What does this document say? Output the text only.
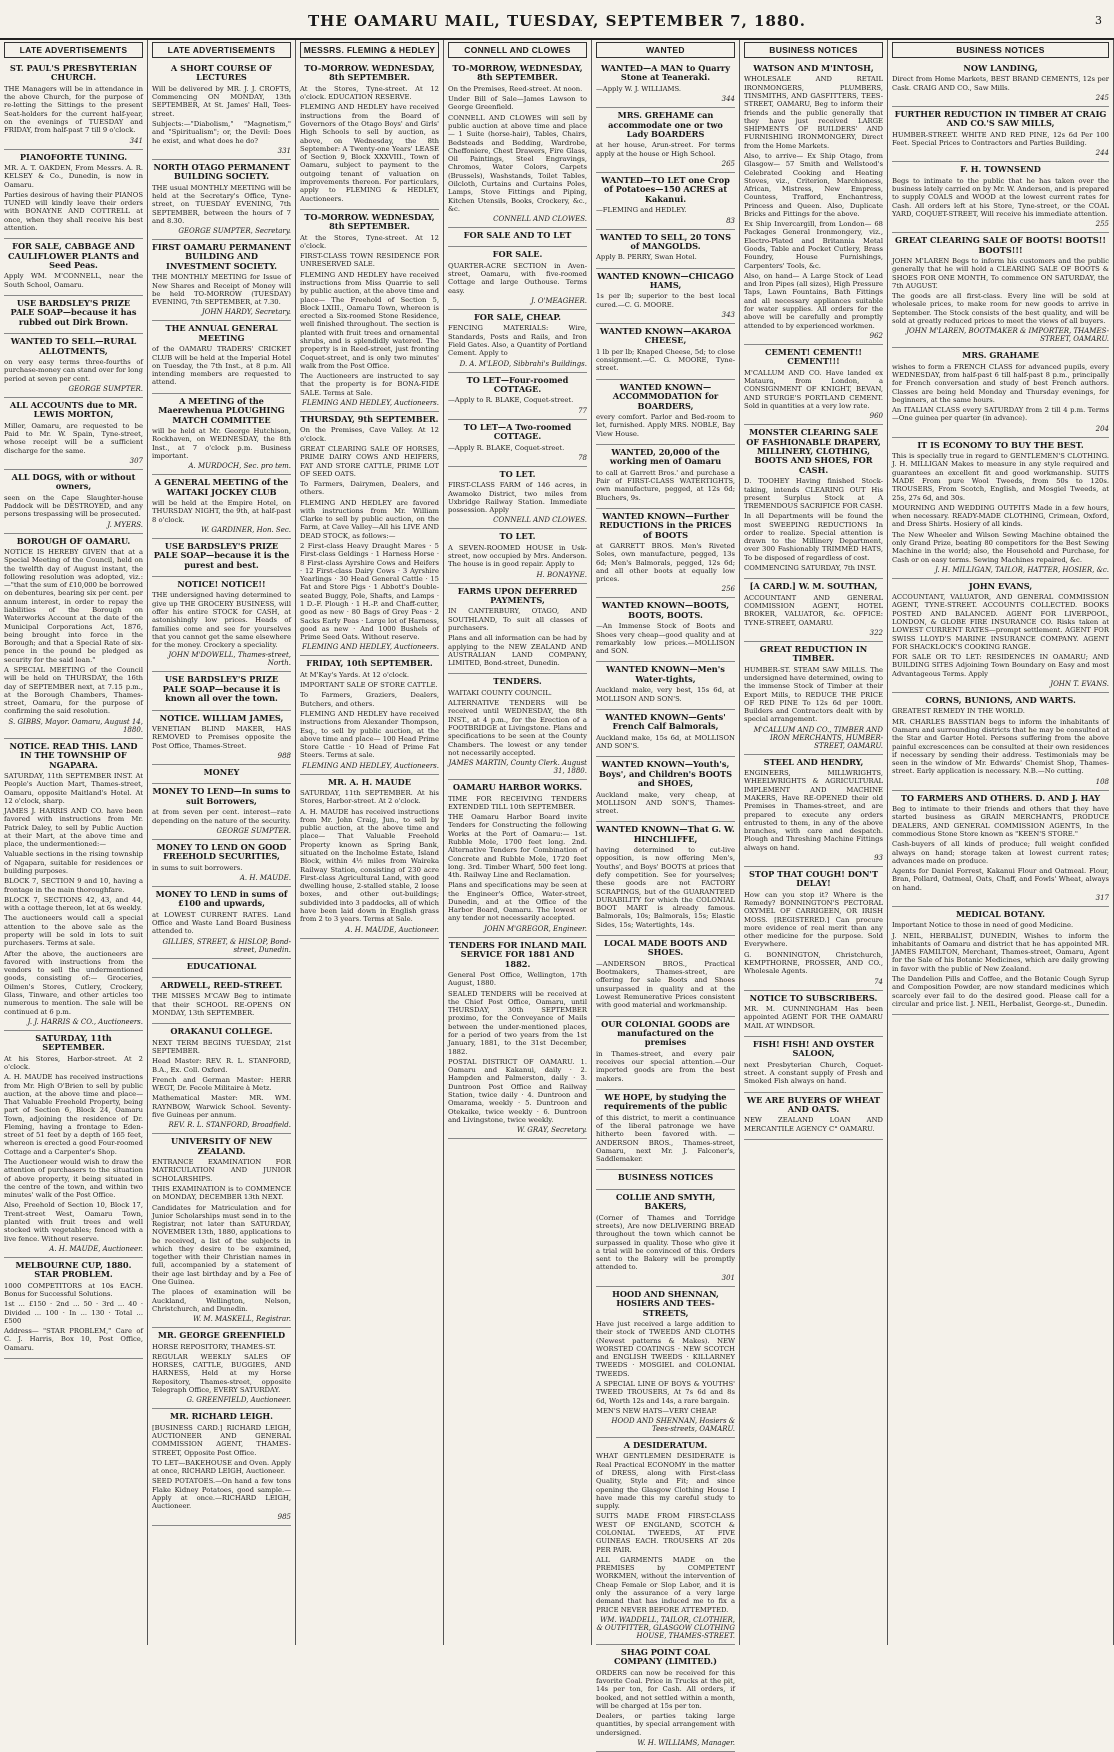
THE OAMARU MAIL, TUESDAY, SEPTEMBER 7, 1880.	3
LATE ADVERTISEMENTS
ST. PAUL'S PRESBYTERIAN CHURCH.

THE Managers will be in attendance in the above Church, for the purpose of re-letting the Sittings to the present Seat-holders for the current half-year, on the evenings of TUESDAY and FRIDAY, from half-past 7 till 9 o'clock.

341
PIANOFORTE TUNING.

MR. A. T. OAKDEN, From Messrs. A. R. KELSEY & Co., Dunedin, is now in Oamaru.

Parties desirous of having their PIANOS TUNED will kindly leave their orders with BONAYNE AND COTTRELL at once, when they shall receive his best attention.

FOR SALE, CABBAGE AND CAULIFLOWER PLANTS and Seed Peas.

Apply WM. M'CONNELL, near the South School, Oamaru.

USE BARDSLEY'S PRIZE PALE SOAP—because it has rubbed out Dirk Brown.
WANTED TO SELL—RURAL ALLOTMENTS,

on very easy terms three-fourths of purchase-money can stand over for long period at seven per cent.

GEORGE SUMPTER.
ALL ACCOUNTS due to MR. LEWIS MORTON,

Miller, Oamaru, are requested to be Paid to Mr. W. Spain, Tyne-street, whose receipt will be a sufficient discharge for the same.

307
ALL DOGS, with or without owners,

seen on the Cape Slaughter-house Paddock will be DESTROYED, and any persons trespassing will be prosecuted.

J. MYERS.
BOROUGH OF OAMARU.

NOTICE IS HEREBY GIVEN that at a Special Meeting of the Council, held on the twelfth day of August instant, the following resolution was adopted, viz.:—"that the sum of £10,000 be borrowed on debentures, bearing six per cent. per annum interest, in order to repay the liabilities of the Borough on Waterworks Account at the date of the Municipal Corporations Act, 1876, being brought into force in the Borough; and that a Special Rate of six-pence in the pound be pledged as security for the said loan."

A SPECIAL MEETING of the Council will be held on THURSDAY, the 16th day of SEPTEMBER next, at 7.15 p.m., at the Borough Chambers, Thames-street, Oamaru, for the purpose of confirming the said resolution.

S. GIBBS, Mayor. Oamaru, August 14, 1880.
NOTICE. READ THIS. LAND IN THE TOWNSHIP OF NGAPARA.

SATURDAY, 11th SEPTEMBER INST. At People's Auction Mart, Thames-street, Oamaru, opposite Maitland's Hotel. At 12 o'clock, sharp.

JAMES J. HARRIS AND CO. have been favored with instructions from Mr. Patrick Daley, to sell by Public Auction at their Mart, at the above time and place, the undermentioned:—

Valuable sections in the rising township of Ngapara, suitable for residences or building purposes.

BLOCK 7, SECTION 9 and 10, having a frontage in the main thoroughfare.

BLOCK 7, SECTIONS 42, 43, and 44, with a cottage thereon, let at 6s weekly.

The auctioneers would call a special attention to the above sale as the property will be sold in lots to suit purchasers. Terms at sale.

After the above, the auctioneers are favored with instructions from the vendors to sell the undermentioned goods, consisting of:— Groceries, Oilmen's Stores, Cutlery, Crockery, Glass, Tinware, and other articles too numerous to mention. The sale will be continued at 6 p.m.

J. J. HARRIS & CO., Auctioneers.
SATURDAY, 11th SEPTEMBER.

At his Stores, Harbor-street. At 2 o'clock.

A. H. MAUDE has received instructions from Mr. High O'Brien to sell by public auction, at the above time and place— That Valuable Freehold Property, being part of Section 6, Block 24, Oamaru Town, adjoining the residence of Dr. Fleming, having a frontage to Eden-street of 51 feet by a depth of 165 feet, whereon is erected a good Four-roomed Cottage and a Carpenter's Shop.

The Auctioneer would wish to draw the attention of purchasers to the situation of above property, it being situated in the centre of the town, and within two minutes' walk of the Post Office.

Also, Freehold of Section 10, Block 17, Trent-street West, Oamaru Town, planted with fruit trees and well stocked with vegetables; fenced with a live fence. Without reserve.

A. H. MAUDE, Auctioneer.
MELBOURNE CUP, 1880. STAR PROBLEM.

1000 COMPETITORS at 10s EACH. Bonus for Successful Solutions.

1st ... £150 · 2nd ... 50 · 3rd ... 40 · Divided ... 100 · In ... 130 · Total ... £500

Address— "STAR PROBLEM," Care of C. J. Harris, Box 10, Post Office, Oamaru.

LATE ADVERTISEMENTS
A SHORT COURSE OF LECTURES

Will be delivered by MR. J. J. CROFTS, Commencing ON MONDAY, 13th SEPTEMBER, At St. James' Hall, Tees-street.

Subjects:—"Diabolism," "Magnetism," and "Spiritualism"; or, the Devil: Does he exist, and what does he do?

331
NORTH OTAGO PERMANENT BUILDING SOCIETY.

THE usual MONTHLY MEETING will be held at the Secretary's Office, Tyne-street, on TUESDAY EVENING, 7th SEPTEMBER, between the hours of 7 and 8.30.

GEORGE SUMPTER, Secretary.
FIRST OAMARU PERMANENT BUILDING AND INVESTMENT SOCIETY.

THE MONTHLY MEETING for Issue of New Shares and Receipt of Money will be held TO-MORROW (TUESDAY) EVENING, 7th SEPTEMBER, at 7.30.

JOHN HARDY, Secretary.
THE ANNUAL GENERAL MEETING

of the OAMARU TRADERS' CRICKET CLUB will be held at the Imperial Hotel on Tuesday, the 7th Inst., at 8 p.m. All intending members are requested to attend.

A MEETING of the Maerewhenua PLOUGHING MATCH COMMITTEE

will be held at Mr. George Hutchison, Rockhaven, on WEDNESDAY, the 8th Inst., at 7 o'clock p.m. Business important.

A. MURDOCH, Sec. pro tem.
A GENERAL MEETING of the WAITAKI JOCKEY CLUB

will be held at the Empire Hotel, on THURSDAY NIGHT, the 9th, at half-past 8 o'clock.

W. GARDINER, Hon. Sec.
USE BARDSLEY'S PRIZE PALE SOAP—because it is the purest and best.
NOTICE! NOTICE!!

THE undersigned having determined to give up THE GROCERY BUSINESS, will offer his entire STOCK for CASH, at astonishingly low prices. Heads of families come and see for yourselves that you cannot get the same elsewhere for the money. Crockery a speciality.

JOHN M'DOWELL, Thames-street, North.
USE BARDSLEY'S PRIZE PALE SOAP—because it is known all over the town.
NOTICE. WILLIAM JAMES,

VENETIAN BLIND MAKER, HAS REMOVED to Premises opposite the Post Office, Thames-Street.

988
MONEY
MONEY TO LEND—In sums to suit Borrowers,

at from seven per cent. interest—rate depending on the nature of the security.

GEORGE SUMPTER.
MONEY TO LEND ON GOOD FREEHOLD SECURITIES,

in sums to suit borrowers.

A. H. MAUDE.
MONEY TO LEND in sums of £100 and upwards,

at LOWEST CURRENT RATES. Land Office and Waste Land Board Business attended to.

GILLIES, STREET, & HISLOP, Bond-street, Dunedin.
EDUCATIONAL
ARDWELL, REED-STREET.

THE MISSES M'CAW Beg to intimate that their SCHOOL RE-OPENS ON MONDAY, 13th SEPTEMBER.

ORAKANUI COLLEGE.

NEXT TERM BEGINS TUESDAY, 21st SEPTEMBER.

Head Master: REV. R. L. STANFORD, B.A., Ex. Coll. Oxford.

French and German Master: HERR WEGT, Dr. Fecole Militaire à Metz.

Mathematical Master: MR. WM. RAYNBOW, Warwick School. Seventy-five Guineas per annum.

REV. R. L. STANFORD, Broadfield.
UNIVERSITY OF NEW ZEALAND.

ENTRANCE EXAMINATION FOR MATRICULATION AND JUNIOR SCHOLARSHIPS.

THIS EXAMINATION is to COMMENCE on MONDAY, DECEMBER 13th NEXT.

Candidates for Matriculation and for Junior Scholarships must send in to the Registrar, not later than SATURDAY, NOVEMBER 13th, 1880, applications to be received, a list of the subjects in which they desire to be examined, together with their Christian names in full, accompanied by a statement of their age last birthday and by a Fee of One Guinea.

The places of examination will be Auckland, Wellington, Nelson, Christchurch, and Dunedin.

W. M. MASKELL, Registrar.
MR. GEORGE GREENFIELD

HORSE REPOSITORY, THAMES-ST.

REGULAR WEEKLY SALES OF HORSES, CATTLE, BUGGIES, AND HARNESS, Held at my Horse Repository, Thames-street, opposite Telegraph Office, EVERY SATURDAY.

G. GREENFIELD, Auctioneer.
MR. RICHARD LEIGH.

[BUSINESS CARD.] RICHARD LEIGH, AUCTIONEER AND GENERAL COMMISSION AGENT, THAMES-STREET, Opposite Post Office.

TO LET—BAKEHOUSE and Oven. Apply at once, RICHARD LEIGH, Auctioneer.

SEED POTATOES.—On hand a few tons Flake Kidney Potatoes, good sample.—Apply at once.—RICHARD LEIGH, Auctioneer.

985
MESSRS. FLEMING & HEDLEY
TO-MORROW. WEDNESDAY, 8th SEPTEMBER.

At the Stores, Tyne-street. At 12 o'clock. EDUCATION RESERVE.

FLEMING AND HEDLEY have received instructions from the Board of Governors of the Otago Boys' and Girls' High Schools to sell by auction, as above, on Wednesday, the 8th September: A Twenty-one Years' LEASE of Section 9, Block XXXVIII., Town of Oamaru, subject to payment to the outgoing tenant of valuation on improvements thereon. For particulars, apply to FLEMING & HEDLEY, Auctioneers.

TO-MORROW. WEDNESDAY, 8th SEPTEMBER.

At the Stores, Tyne-street. At 12 o'clock.

FIRST-CLASS TOWN RESIDENCE FOR UNRESERVED SALE.

FLEMING AND HEDLEY have received instructions from Miss Quarrie to sell by public auction, at the above time and place— The Freehold of Section 5, Block LXIII., Oamaru Town, whereon is erected a Six-roomed Stone Residence, well finished throughout. The section is planted with fruit trees and ornamental shrubs, and is splendidly watered. The property is in Reed-street, just fronting Coquet-street, and is only two minutes' walk from the Post Office.

The Auctioneers are instructed to say that the property is for BONA-FIDE SALE. Terms at Sale.

FLEMING AND HEDLEY, Auctioneers.
THURSDAY, 9th SEPTEMBER.

On the Premises, Cave Valley. At 12 o'clock.

GREAT CLEARING SALE OF HORSES, PRIME DAIRY COWS AND HEIFERS, FAT AND STORE CATTLE, PRIME LOT OF SEED OATS.

To Farmers, Dairymen, Dealers, and others.

FLEMING AND HEDLEY are favored with instructions from Mr. William Clarke to sell by public auction, on the Farm, at Cave Valley—All his LIVE AND DEAD STOCK, as follows:—

2 First-class Heavy Draught Mares · 5 First-class Geldings · 1 Harness Horse · 8 First-class Ayrshire Cows and Heifers · 12 First-class Dairy Cows · 3 Ayrshire Yearlings · 30 Head General Cattle · 15 Fat and Store Pigs · 1 Abbott's Double-seated Buggy, Pole, Shafts, and Lamps · 1 D.-F. Plough · 1 H.-P. and Chaff-cutter, good as new · 80 Bags of Grey Peas · 2 Sacks Early Peas · Large lot of Harness, good as new · And 1000 Bushels of Prime Seed Oats. Without reserve.

FLEMING AND HEDLEY, Auctioneers.
FRIDAY, 10th SEPTEMBER.

At M'Kay's Yards. At 12 o'clock.

IMPORTANT SALE OF STORE CATTLE.

To Farmers, Graziers, Dealers, Butchers, and others.

FLEMING AND HEDLEY have received instructions from Alexander Thompson, Esq., to sell by public auction, at the above time and place— 100 Head Prime Store Cattle · 10 Head of Prime Fat Steers. Terms at sale.

FLEMING AND HEDLEY, Auctioneers.
MR. A. H. MAUDE

SATURDAY, 11th SEPTEMBER. At his Stores, Harbor-street. At 2 o'clock.

A. H. MAUDE has received instructions from Mr. John Craig, Jun., to sell by public auction, at the above time and place— That Valuable Freehold Property known as Spring Bank, situated on the Incholme Estate, Island Block, within 4½ miles from Waireka Railway Station, consisting of 230 acre First-class Agricultural Land, with good dwelling house, 2-stalled stable, 2 loose boxes, and other out-buildings; subdivided into 3 paddocks, all of which have been laid down in English grass from 2 to 3 years. Terms at Sale.

A. H. MAUDE, Auctioneer.
CONNELL AND CLOWES
TO-MORROW, WEDNESDAY, 8th SEPTEMBER.

On the Premises, Reed-street. At noon.

Under Bill of Sale—James Lawson to George Greenfield.

CONNELL AND CLOWES will sell by public auction at above time and place— 1 Suite (horse-hair), Tables, Chairs, Bedsteads and Bedding, Wardrobe, Cheffoniere, Chest Drawers, Fire Glass, Oil Paintings, Steel Engravings, Chromos, Water Colors, Carpets (Brussels), Washstands, Toilet Tables, Oilcloth, Curtains and Curtains Poles, Lamps, Stove Fittings and Piping, Kitchen Utensils, Books, Crockery, &c., &c.

CONNELL AND CLOWES.
FOR SALE AND TO LET
FOR SALE.

QUARTER-ACRE SECTION in Aven-street, Oamaru, with five-roomed Cottage and large Outhouse. Terms easy.

J. O'MEAGHER.
FOR SALE, CHEAP.

FENCING MATERIALS: Wire, Standards, Posts and Rails, and Iron Field Gates. Also, a Quantity of Portland Cement. Apply to

D. A. M'LEOD, Sibbrahi's Buildings.
TO LET—Four-roomed COTTAGE.

—Apply to R. BLAKE, Coquet-street.

77
TO LET—A Two-roomed COTTAGE.

—Apply R. BLAKE, Coquet-street.

78
TO LET.

FIRST-CLASS FARM of 146 acres, in Awamoko District, two miles from Uxbridge Railway Station. Immediate possession. Apply

CONNELL AND CLOWES.
TO LET.

A SEVEN-ROOMED HOUSE in Usk-street, now occupied by Mrs. Anderson. The house is in good repair. Apply to

H. BONAYNE.
FARMS UPON DEFERRED PAYMENTS,

IN CANTERBURY, OTAGO, AND SOUTHLAND, To suit all classes of purchasers.

Plans and all information can be had by applying to the NEW ZEALAND AND AUSTRALIAN LAND COMPANY, LIMITED, Bond-street, Dunedin.

TENDERS.

WAITAKI COUNTY COUNCIL.

ALTERNATIVE TENDERS will be received until WEDNESDAY, the 8th INST., at 4 p.m., for the Erection of a FOOTBRIDGE at Livingstone. Plans and specifications to be seen at the County Chambers. The lowest or any tender not necessarily accepted.

JAMES MARTIN, County Clerk. August 31, 1880.
OAMARU HARBOR WORKS.

TIME FOR RECEIVING TENDERS EXTENDED TILL 10th SEPTEMBER.

THE Oamaru Harbor Board invite Tenders for Constructing the following Works at the Port of Oamaru:— 1st. Rubble Mole, 1700 feet long. 2nd. Alternative Tenders for Combination of Concrete and Rubble Mole, 1720 feet long. 3rd. Timber Wharf, 500 feet long. 4th. Railway Line and Reclamation.

Plans and specifications may be seen at the Engineer's Office, Water-street, Dunedin, and at the Office of the Harbor Board, Oamaru. The lowest or any tender not necessarily accepted.

JOHN M'GREGOR, Engineer.
TENDERS FOR INLAND MAIL SERVICE FOR 1881 AND 1882.

General Post Office, Wellington, 17th August, 1880.

SEALED TENDERS will be received at the Chief Post Office, Oamaru, until THURSDAY, 30th SEPTEMBER proximo, for the Conveyance of Mails between the under-mentioned places, for a period of two years from the 1st January, 1881, to the 31st December, 1882.

POSTAL DISTRICT OF OAMARU. 1. Oamaru and Kakanui, daily · 2. Hampden and Palmerston, daily · 3. Duntroon Post Office and Railway Station, twice daily · 4. Duntroon and Omarama, weekly · 5. Duntroon and Otekaike, twice weekly · 6. Duntroon and Livingstone, twice weekly.

W. GRAY, Secretary.
WANTED
WANTED—A MAN to Quarry Stone at Teaneraki.

—Apply W. J. WILLIAMS.

344
MRS. GREHAME can accommodate one or two Lady BOARDERS

at her house, Arun-street. For terms apply at the house or High School.

265
WANTED—TO LET one Crop of Potatoes—150 ACRES at Kakanui.

—FLEMING and HEDLEY.

83
WANTED TO SELL, 20 TONS of MANGOLDS.

Apply B. PERRY, Swan Hotel.

WANTED KNOWN—CHICAGO HAMS,

1s per lb; superior to the best local cured.—C. G. MOORE.

343
WANTED KNOWN—AKAROA CHEESE,

1 lb per lb; Knaped Cheese, 5d; to close consignment.—C. G. MOORE, Tyne-street.

WANTED KNOWN—ACCOMMODATION for BOARDERS,

every comfort. Parlor and Bed-room to let, furnished. Apply MRS. NOBLE, Bay View House.

WANTED, 20,000 of the working men of Oamaru

to call at Garrett Bros.' and purchase a Pair of FIRST-CLASS WATERTIGHTS, own manufacture, pegged, at 12s 6d; Bluchers, 9s.

WANTED KNOWN—Further REDUCTIONS in the PRICES of BOOTS

at GARRETT BROS. Men's Riveted Soles, own manufacture, pegged, 13s 6d; Men's Balmorals, pegged, 12s 6d; and all other boots at equally low prices.

256
WANTED KNOWN—BOOTS, BOOTS, BOOTS.

—An Immense Stock of Boots and Shoes very cheap—good quality and at remarkably low prices.—MOLLISON and SON.

WANTED KNOWN—Men's Water-tights,

Auckland make, very best, 15s 6d, at MOLLISON AND SON'S.

WANTED KNOWN—Gents' French Calf Balmorals,

Auckland make, 15s 6d, at MOLLISON AND SON'S.

WANTED KNOWN—Youth's, Boys', and Children's BOOTS and SHOES,

Auckland make, very cheap, at MOLLISON AND SON'S, Thames-street.

WANTED KNOWN—That G. W. HINCHLIFFE,

having determined to cut-live opposition, is now offering Men's, Youths', and Boys' BOOTS at prices that defy competition. See for yourselves; these goods are not FACTORY SCRAPINGS, but of the GUARANTEED DURABILITY for which the COLONIAL BOOT MART is already famous. Balmorals, 10s; Balmorals, 15s; Elastic Sides, 15s; Watertights, 14s.

LOCAL MADE BOOTS AND SHOES.

—ANDERSON BROS., Practical Bootmakers, Thames-street, are offering for sale Boots and Shoes unsurpassed in quality and at the Lowest Remunerative Prices consistent with good material and workmanship.

OUR COLONIAL GOODS are manufactured on the premises

in Thames-street, and every pair receives our special attention.—Our imported goods are from the best makers.

WE HOPE, by studying the requirements of the public

of this district, to merit a continuance of the liberal patronage we have hitherto been favored with. —ANDERSON BROS., Thames-street, Oamaru, next Mr. J. Falconer's, Saddlemaker.

BUSINESS NOTICES
COLLIE AND SMYTH, BAKERS,

(Corner of Thames and Torridge streets), Are now DELIVERING BREAD throughout the town which cannot be surpassed in quality. Those who give it a trial will be convinced of this. Orders sent to the Bakery will be promptly attended to.

301
HOOD AND SHENNAN, HOSIERS AND TEES-STREETS,

Have just received a large addition to their stock of TWEEDS AND CLOTHS (Newest patterns & Makes). NEW WORSTED COATINGS · NEW SCOTCH and ENGLISH TWEEDS · KILLARNEY TWEEDS · MOSGIEL and COLONIAL TWEEDS.

A SPECIAL LINE OF BOYS & YOUTHS' TWEED TROUSERS, At 7s 6d and 8s 6d, Worth 12s and 14s, a rare bargain.

MEN'S NEW HATS—VERY CHEAP.

HOOD AND SHENNAN, Hosiers & Tees-streets, OAMARU.
A DESIDERATUM.

WHAT GENTLEMEN DESIDERATE is Real Practical ECONOMY in the matter of DRESS, along with First-class Quality, Style and Fit; and since opening the Glasgow Clothing House I have made this my careful study to supply.

SUITS MADE FROM FIRST-CLASS WEST OF ENGLAND, SCOTCH & COLONIAL TWEEDS, AT FIVE GUINEAS EACH. TROUSERS AT 20s PER PAIR.

ALL GARMENTS MADE on the PREMISES by COMPETENT WORKMEN, without the intervention of Cheap Female or Slop Labor, and it is only the assurance of a very large demand that has induced me to fix a PRICE NEVER BEFORE ATTEMPTED.

WM. WADDELL, TAILOR, CLOTHIER, & OUTFITTER, GLASGOW CLOTHING HOUSE, THAMES-STREET.
SHAG POINT COAL COMPANY (LIMITED.)

ORDERS can now be received for this favorite Coal. Price in Trucks at the pit, 14s per ton, for Cash. All orders, if booked, and not settled within a month, will be charged at 15s per ton.

Dealers, or parties taking large quantities, by special arrangement with undersigned.

W. H. WILLIAMS, Manager.
BUSINESS NOTICES
WATSON AND M'INTOSH,

WHOLESALE AND RETAIL IRONMONGERS, PLUMBERS, TINSMITHS, AND GASFITTERS, TEES-STREET, OAMARU, Beg to inform their friends and the public generally that they have just received LARGE SHIPMENTS OF BUILDERS' AND FURNISHING IRONMONGERY, Direct from the Home Markets.

Also, to arrive— Ex Ship Otago, from Glasgow— 57 Smith and Wellstood's Celebrated Cooking and Heating Stoves, viz., Criterion, Marchioness, African, Mistress, New Empress, Countess, Trafford, Enchantress, Princess and Queen. Also, Duplicate Bricks and Fittings for the above.

Ex Ship Invercargill, from London— 68 Packages General Ironmongery, viz., Electro-Plated and Britannia Metal Goods, Table and Pocket Cutlery, Brass Foundry, House Furnishings, Carpenters' Tools, &c.

Also, on hand— A Large Stock of Lead and Iron Pipes (all sizes), High Pressure Taps, Lawn Fountains, Bath Fittings and all necessary appliances suitable for water supplies. All orders for the above will be carefully and promptly attended to by experienced workmen.

962
CEMENT! CEMENT!! CEMENT!!!

M'CALLUM AND CO. Have landed ex Mataura, from London, a CONSIGNMENT OF KNIGHT, BEVAN, AND STURGE'S PORTLAND CEMENT. Sold in quantities at a very low rate.

960
MONSTER CLEARING SALE OF FASHIONABLE DRAPERY, MILLINERY, CLOTHING, BOOTS AND SHOES, FOR CASH.

D. TOOHEY Having finished Stock-taking, intends CLEARING OUT His present Surplus Stock at A TREMENDOUS SACRIFICE FOR CASH.

In all Departments will be found the most SWEEPING REDUCTIONS In order to realize. Special attention is drawn to the Millinery Department, over 300 Fashionably TRIMMED HATS, To be disposed of regardless of cost.

COMMENCING SATURDAY, 7th INST.

[A CARD.] W. M. SOUTHAN,

ACCOUNTANT AND GENERAL COMMISSION AGENT, HOTEL BROKER, VALUATOR, &c. OFFICE: TYNE-STREET, OAMARU.

322
GREAT REDUCTION IN TIMBER.

HUMBER-ST. STEAM SAW MILLS. The undersigned have determined, owing to the immense Stock of Timber at their Export Mills, to REDUCE THE PRICE OF RED PINE To 12s 6d per 100ft. Builders and Contractors dealt with by special arrangement.

M'CALLUM AND CO., TIMBER AND IRON MERCHANTS, HUMBER-STREET, OAMARU.
STEEL AND HENDRY,

ENGINEERS, MILLWRIGHTS, WHEELWRIGHTS & AGRICULTURAL IMPLEMENT AND MACHINE MAKERS, Have RE-OPENED their old Premises in Thames-street, and are prepared to execute any orders entrusted to them, in any of the above branches, with care and despatch. Plough and Threshing Machine Fittings always on hand.

93
STOP THAT COUGH! DON'T DELAY!

How can you stop it? Where is the Remedy? BONNINGTON'S PECTORAL OXYMEL OF CARRIGEEN, OR IRISH MOSS. [REGISTERED.] Can procure more evidence of real merit than any other medicine for the purpose. Sold Everywhere.

G. BONNINGTON, Christchurch, KEMPTHORNE, PROSSER, AND CO., Wholesale Agents.

74
NOTICE TO SUBSCRIBERS.

MR. M. CUNNINGHAM Has been appointed AGENT FOR THE OAMARU MAIL AT WINDSOR.

FISH! FISH! AND OYSTER SALOON,

next Presbyterian Church, Coquet-street. A constant supply of Fresh and Smoked Fish always on hand.

WE ARE BUYERS OF WHEAT AND OATS.

NEW ZEALAND LOAN AND MERCANTILE AGENCY C° OAMARU.

BUSINESS NOTICES
NOW LANDING,

Direct from Home Markets, BEST BRAND CEMENTS, 12s per Cask. CRAIG AND CO., Saw Mills.

245
FURTHER REDUCTION IN TIMBER AT CRAIG AND CO.'S SAW MILLS,

HUMBER-STREET. WHITE AND RED PINE, 12s 6d Per 100 Feet. Special Prices to Contractors and Parties Building.

244
F. H. TOWNSEND

Begs to intimate to the public that he has taken over the business lately carried on by Mr. W. Anderson, and is prepared to supply COALS and WOOD at the lowest current rates for Cash. All orders left at his Store, Tyne-street, or the COAL YARD, COQUET-STREET, Will receive his immediate attention.

255
GREAT CLEARING SALE OF BOOTS! BOOTS!! BOOTS!!!

JOHN M'LAREN Begs to inform his customers and the public generally that he will hold a CLEARING SALE OF BOOTS & SHOES FOR ONE MONTH, To commence ON SATURDAY, the 7th AUGUST.

The goods are all first-class. Every line will be sold at wholesale prices, to make room for new goods to arrive in September. The Stock consists of the best quality, and will be sold at greatly reduced prices to meet the views of all buyers.

JOHN M'LAREN, BOOTMAKER & IMPORTER, THAMES-STREET, OAMARU.
MRS. GRAHAME

wishes to form a FRENCH CLASS for advanced pupils, every WEDNESDAY, from half-past 6 till half-past 8 p.m., principally for French conversation and study of best French authors. Classes are being held Monday and Thursday evenings, for beginners, at the same hours.

An ITALIAN CLASS every SATURDAY from 2 till 4 p.m. Terms—One guinea per quarter (in advance).

204
IT IS ECONOMY TO BUY THE BEST.

This is specially true in regard to GENTLEMEN'S CLOTHING. J. H. MILLIGAN Makes to measure in any style required and guarantees an excellent fit and good workmanship. SUITS MADE From pure Wool Tweeds, from 50s to 120s. TROUSERS, From Scotch, English, and Mosgiel Tweeds, at 25s, 27s 6d, and 30s.

MOURNING AND WEDDING OUTFITS Made in a few hours, when necessary. READY-MADE CLOTHING, Crimean, Oxford, and Dress Shirts. Hosiery of all kinds.

The New Wheeler and Wilson Sewing Machine obtained the only Grand Prize, beating 80 competitors for the Best Sewing Machine in the world; also, the Household and Purchase, for Cash or on easy terms. Sewing Machines repaired, &c.

J. H. MILLIGAN, TAILOR, HATTER, HOSIER, &c.
JOHN EVANS,

ACCOUNTANT, VALUATOR, AND GENERAL COMMISSION AGENT, TYNE-STREET. ACCOUNTS COLLECTED. BOOKS POSTED AND BALANCED. AGENT FOR LIVERPOOL, LONDON, & GLOBE FIRE INSURANCE CO. Risks taken at LOWEST CURRENT RATES—prompt settlement. AGENT FOR SWISS LLOYD'S MARINE INSURANCE COMPANY. AGENT FOR SHACKLOCK'S COOKING RANGE.

FOR SALE OR TO LET: RESIDENCES IN OAMARU; AND BUILDING SITES Adjoining Town Boundary on Easy and most Advantageous Terms. Apply

JOHN T. EVANS.
CORNS, BUNIONS, AND WARTS.

GREATEST REMEDY IN THE WORLD.

MR. CHARLES BASSTIAN begs to inform the inhabitants of Oamaru and surrounding districts that he may be consulted at the Star and Garter Hotel. Persons suffering from the above painful excrescences can be consulted at their own residences if necessary by sending their address. Testimonials may be seen in the window of Mr. Edwards' Chemist Shop, Thames-street. Early application is necessary. N.B.—No cutting.

108
TO FARMERS AND OTHERS. D. AND J. HAY

Beg to intimate to their friends and others that they have started business as GRAIN MERCHANTS, PRODUCE DEALERS, AND GENERAL COMMISSION AGENTS, In the commodious Stone Store known as "KEEN'S STORE."

Cash-buyers of all kinds of produce; full weight confided always on hand; storage taken at lowest current rates; advances made on produce.

Agents for Daniel Forrest, Kakanui Flour and Oatmeal. Flour, Bran, Pollard, Oatmeal, Oats, Chaff, and Fowls' Wheat, always on hand.

317
MEDICAL BOTANY.

Important Notice to those in need of good Medicine.

J. NEIL, HERBALIST, DUNEDIN, Wishes to inform the inhabitants of Oamaru and district that he has appointed MR. JAMES FAMILTON, Merchant, Thames-street, Oamaru, Agent for the Sale of his Botanic Medicines, which are daily growing in favor with the public of New Zealand.

The Dandelion Pills and Coffee, and the Botanic Cough Syrup and Composition Powder, are now standard medicines which scarcely ever fail to do the desired good. Please call for a circular and price list. J. NEIL, Herbalist, George-st., Dunedin.
